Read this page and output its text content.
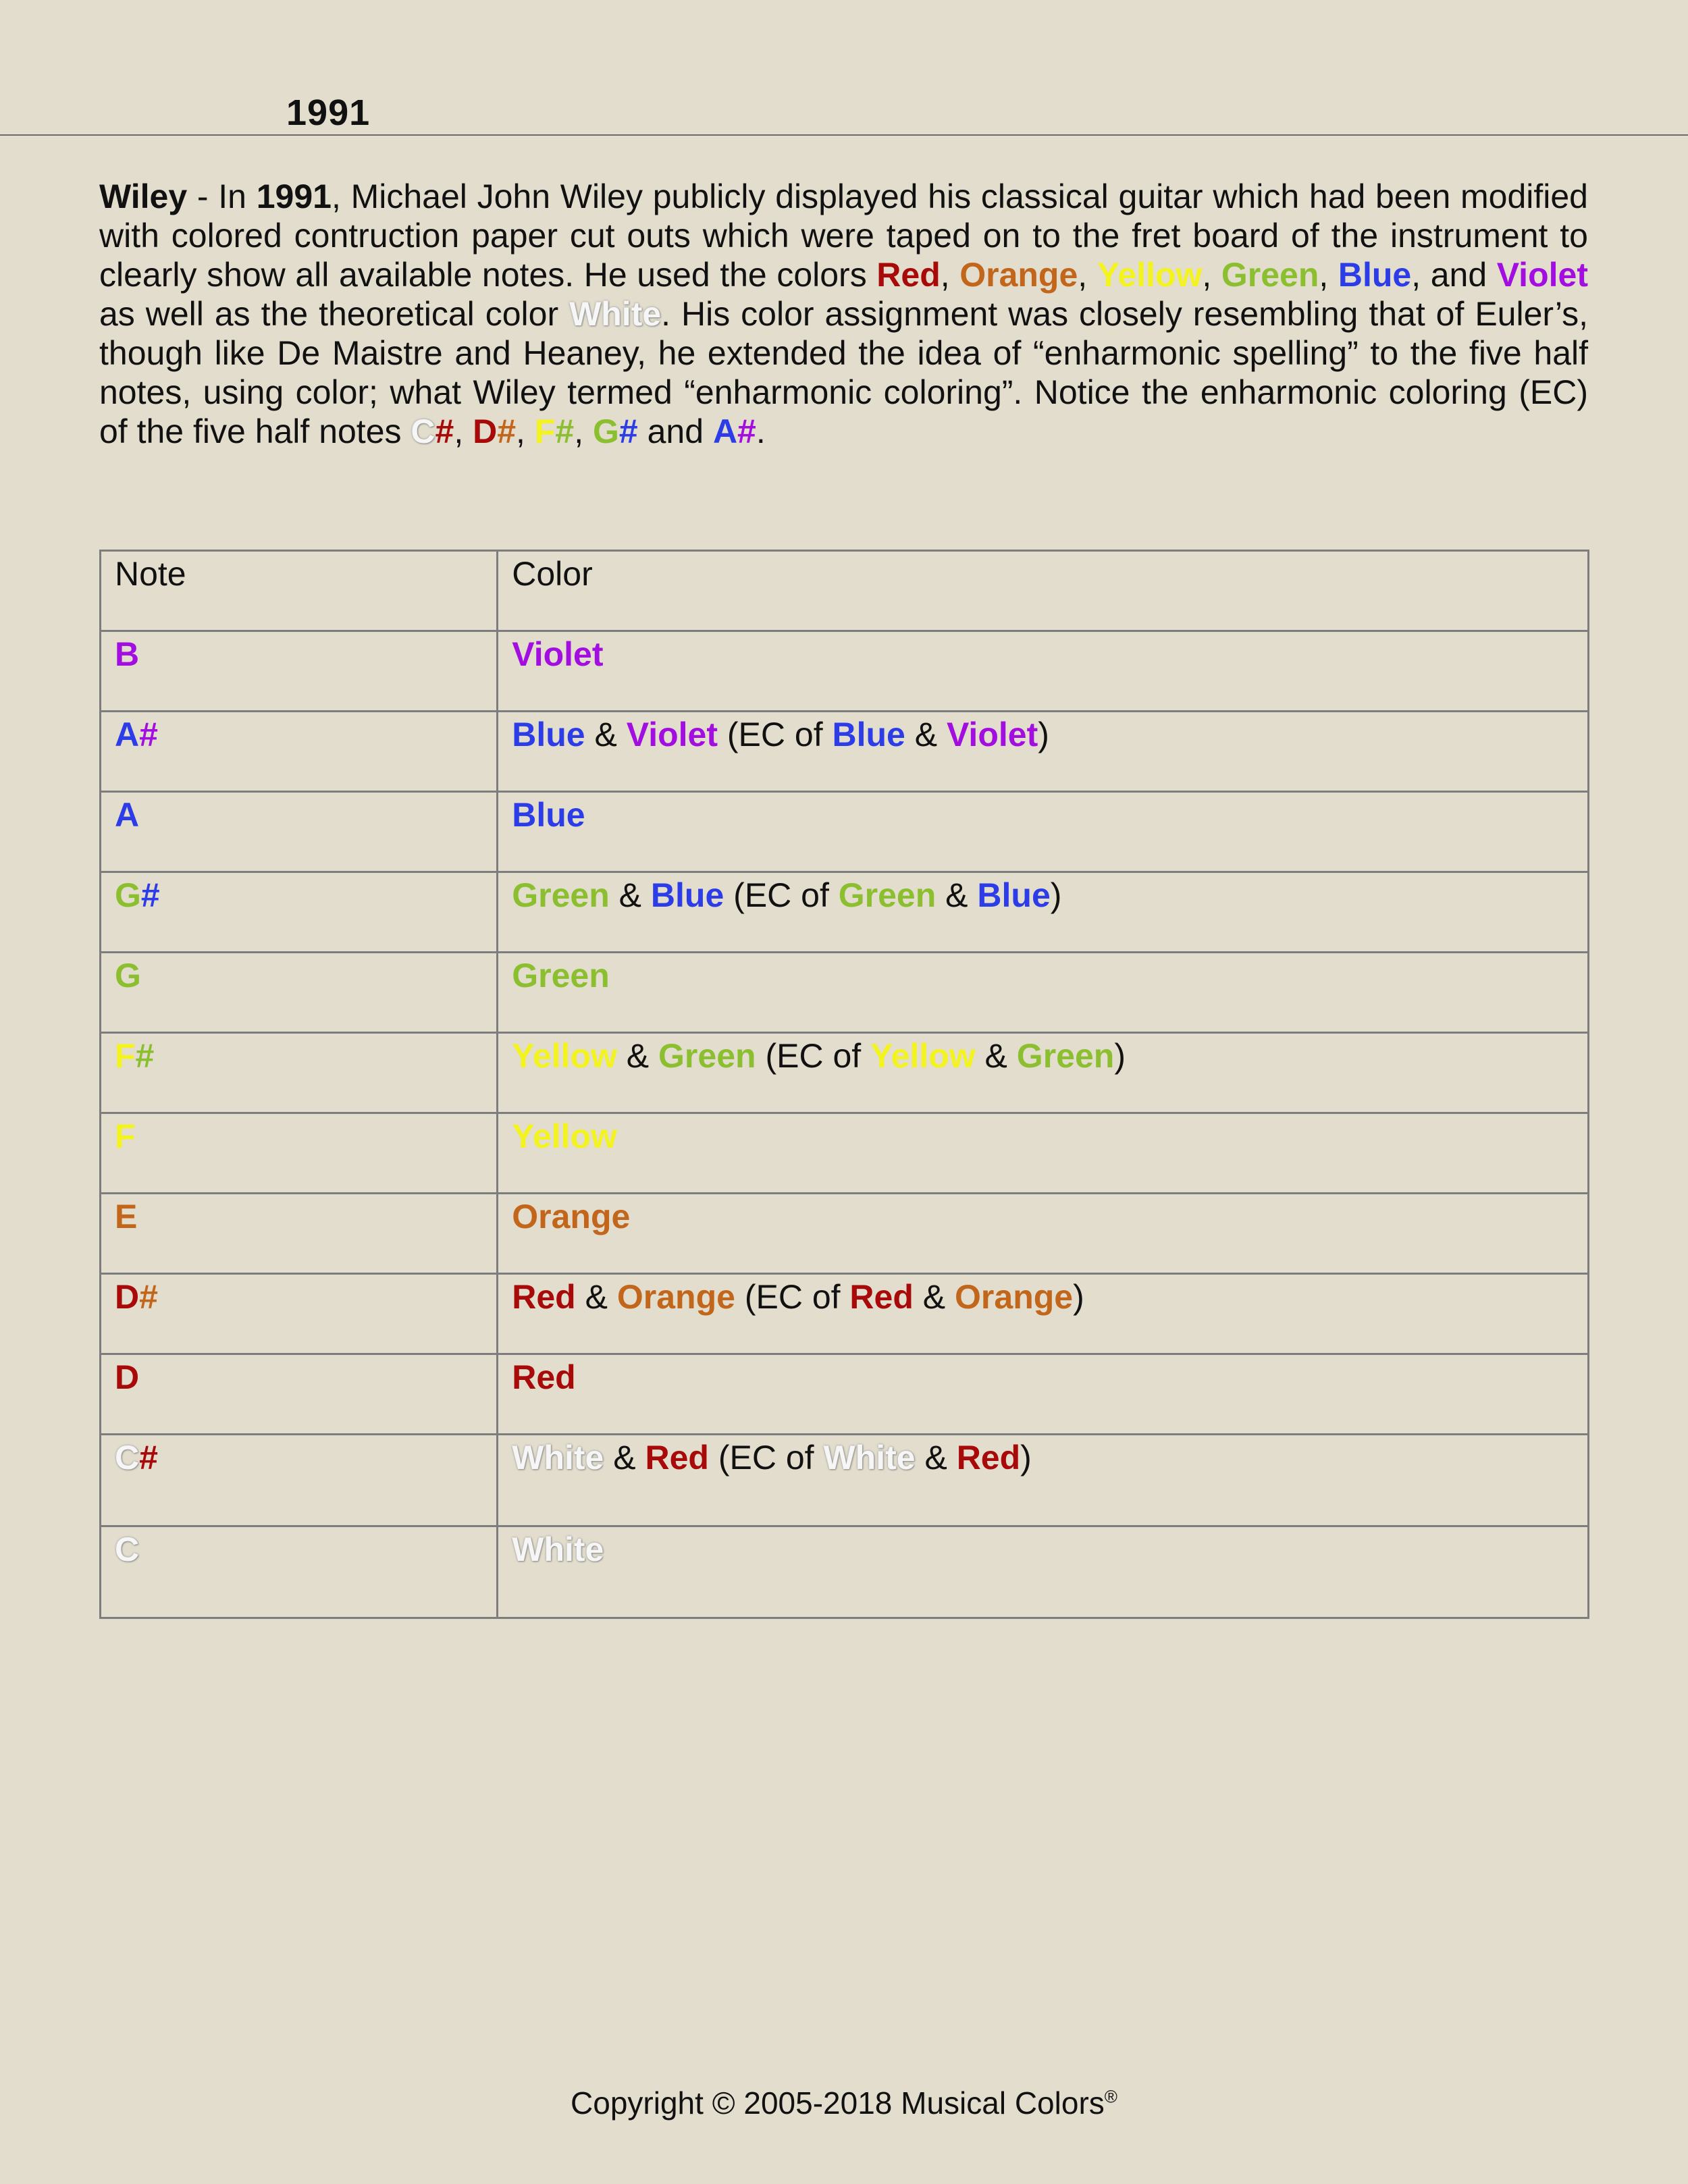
1991

Wiley - In 1991, Michael John Wiley publicly displayed his classical guitar which had been modified with colored contruction paper cut outs which were taped on to the fret board of the instrument to clearly show all available notes. He used the colors Red, Orange, Yellow, Green, Blue, and Violet as well as the theoretical color White. His color assignment was closely resembling that of Euler’s, though like De Maistre and Heaney, he extended the idea of “enharmonic spelling” to the five half notes, using color; what Wiley termed “enharmonic coloring”. Notice the enharmonic coloring (EC) of the five half notes C#, D#, F#, G# and A#.

Note	Color
B	Violet
A#	Blue & Violet (EC of Blue & Violet)
A	Blue
G#	Green & Blue (EC of Green & Blue)
G	Green
F#	Yellow & Green (EC of Yellow & Green)
F	Yellow
E	Orange
D#	Red & Orange (EC of Red & Orange)
D	Red
C#	White & Red (EC of White & Red)
C	White
Copyright © 2005-2018 Musical Colors®
